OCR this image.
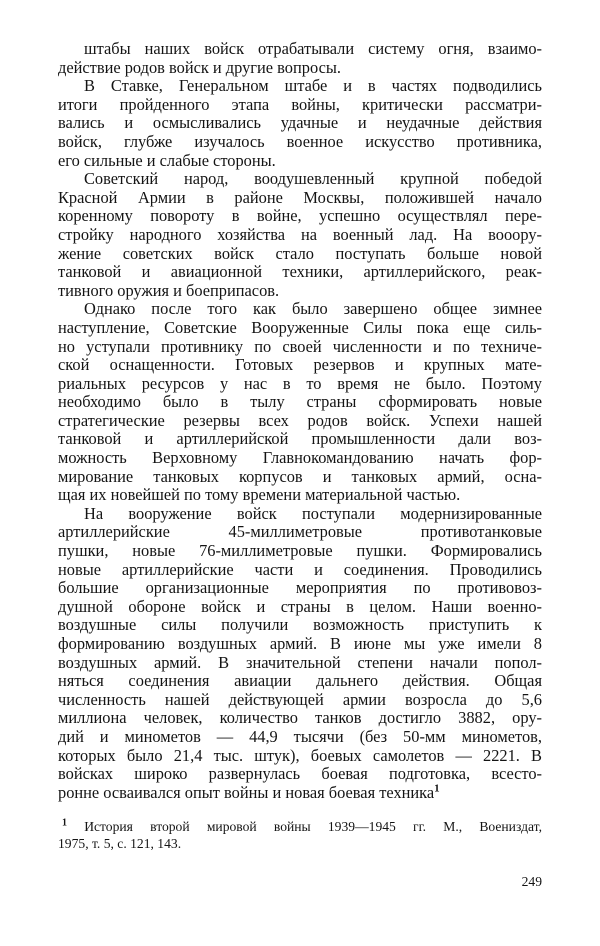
штабы наших войск отрабатывали систему огня, взаимо-
действие родов войск и другие вопросы.
В Ставке, Генеральном штабе и в частях подводились
итоги пройденного этапа войны, критически рассматри-
вались и осмысливались удачные и неудачные действия
войск, глубже изучалось военное искусство противника,
его сильные и слабые стороны.
Советский народ, воодушевленный крупной победой
Красной Армии в районе Москвы, положившей начало
коренному повороту в войне, успешно осуществлял пере-
стройку народного хозяйства на военный лад. На вооору-
жение советских войск стало поступать больше новой
танковой и авиационной техники, артиллерийского, реак-
тивного оружия и боеприпасов.
Однако после того как было завершено общее зимнее
наступление, Советские Вооруженные Силы пока еще силь-
но уступали противнику по своей численности и по техниче-
ской оснащенности. Готовых резервов и крупных мате-
риальных ресурсов у нас в то время не было. Поэтому
необходимо было в тылу страны сформировать новые
стратегические резервы всех родов войск. Успехи нашей
танковой и артиллерийской промышленности дали воз-
можность Верховному Главнокомандованию начать фор-
мирование танковых корпусов и танковых армий, осна-
щая их новейшей по тому времени материальной частью.
На вооружение войск поступали модернизированные
артиллерийские 45-миллиметровые противотанковые
пушки, новые 76-миллиметровые пушки. Формировались
новые артиллерийские части и соединения. Проводились
большие организационные мероприятия по противовоз-
душной обороне войск и страны в целом. Наши военно-
воздушные силы получили возможность приступить к
формированию воздушных армий. В июне мы уже имели 8
воздушных армий. В значительной степени начали попол-
няться соединения авиации дальнего действия. Общая
численность нашей действующей армии возросла до 5,6
миллиона человек, количество танков достигло 3882, ору-
дий и минометов — 44,9 тысячи (без 50-мм минометов,
которых было 21,4 тыс. штук), боевых самолетов — 2221. В
войсках широко развернулась боевая подготовка, всесто-
ронне осваивался опыт войны и новая боевая техника$^1$
$^1$ История второй мировой войны 1939—1945 гг. М., Воениздат,
1975, т. 5, с. 121, 143.
249
